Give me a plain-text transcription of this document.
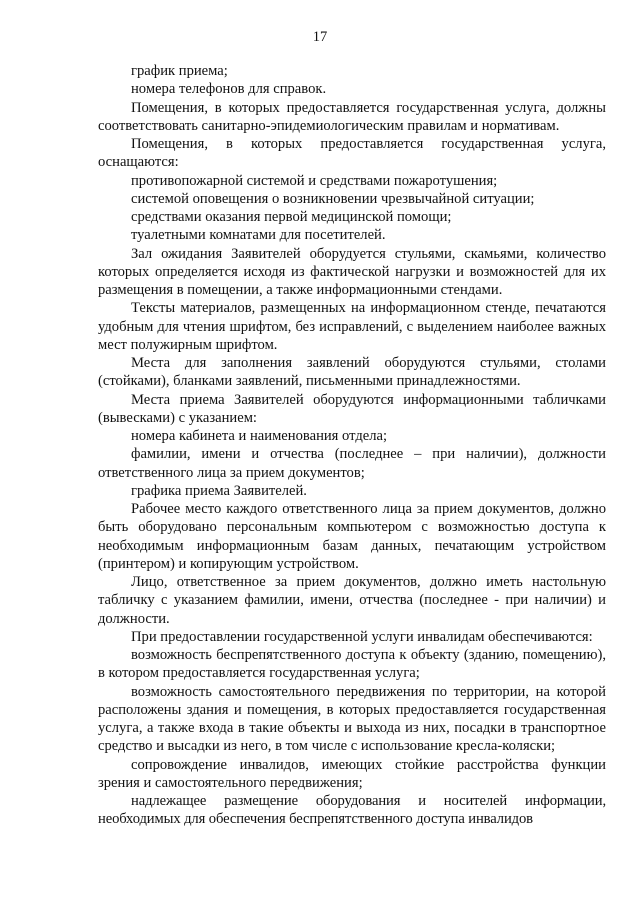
17

график приема;

номера телефонов для справок.

Помещения, в которых предоставляется государственная услуга, должны соответствовать санитарно-эпидемиологическим правилам и нормативам.

Помещения, в которых предоставляется государственная услуга, оснащаются:

противопожарной системой и средствами пожаротушения;

системой оповещения о возникновении чрезвычайной ситуации;

средствами оказания первой медицинской помощи;

туалетными комнатами для посетителей.

Зал ожидания Заявителей оборудуется стульями, скамьями, количество которых определяется исходя из фактической нагрузки и возможностей для их размещения в помещении, а также информационными стендами.

Тексты материалов, размещенных на информационном стенде, печатаются удобным для чтения шрифтом, без исправлений, с выделением наиболее важных мест полужирным шрифтом.

Места для заполнения заявлений оборудуются стульями, столами (стойками), бланками заявлений, письменными принадлежностями.

Места приема Заявителей оборудуются информационными табличками (вывесками) с указанием:

номера кабинета и наименования отдела;

фамилии, имени и отчества (последнее – при наличии), должности ответственного лица за прием документов;

графика приема Заявителей.

Рабочее место каждого ответственного лица за прием документов, должно быть оборудовано персональным компьютером с возможностью доступа к необходимым информационным базам данных, печатающим устройством (принтером) и копирующим устройством.

Лицо, ответственное за прием документов, должно иметь настольную табличку с указанием фамилии, имени, отчества (последнее - при наличии) и должности.

При предоставлении государственной услуги инвалидам обеспечиваются:

возможность беспрепятственного доступа к объекту (зданию, помещению), в котором предоставляется государственная услуга;

возможность самостоятельного передвижения по территории, на которой расположены здания и помещения, в которых предоставляется государственная услуга, а также входа в такие объекты и выхода из них, посадки в транспортное средство и высадки из него, в том числе с использование кресла-коляски;

сопровождение инвалидов, имеющих стойкие расстройства функции зрения и самостоятельного передвижения;

надлежащее размещение оборудования и носителей информации, необходимых для обеспечения беспрепятственного доступа инвалидов
